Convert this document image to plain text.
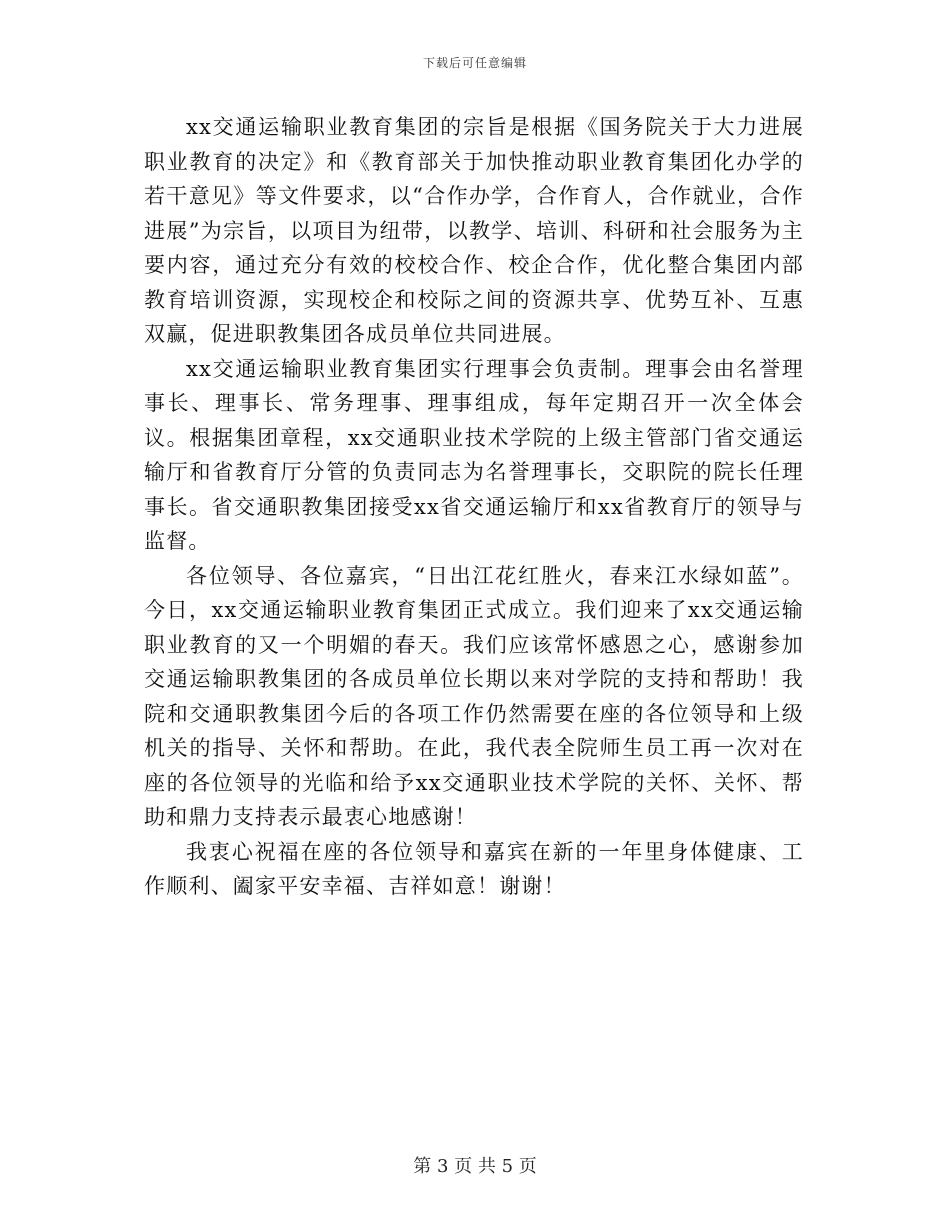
下载后可任意编辑

xx交通运输职业教育集团的宗旨是根据《国务院关于大力进展职业教育的决定》和《教育部关于加快推动职业教育集团化办学的若干意见》等文件要求，以“合作办学，合作育人，合作就业，合作进展”为宗旨，以项目为纽带，以教学、培训、科研和社会服务为主要内容，通过充分有效的校校合作、校企合作，优化整合集团内部教育培训资源，实现校企和校际之间的资源共享、优势互补、互惠双赢，促进职教集团各成员单位共同进展。

xx交通运输职业教育集团实行理事会负责制。理事会由名誉理事长、理事长、常务理事、理事组成，每年定期召开一次全体会议。根据集团章程，xx交通职业技术学院的上级主管部门省交通运输厅和省教育厅分管的负责同志为名誉理事长，交职院的院长任理事长。省交通职教集团接受xx省交通运输厅和xx省教育厅的领导与监督。

各位领导、各位嘉宾，“日出江花红胜火，春来江水绿如蓝”。今日，xx交通运输职业教育集团正式成立。我们迎来了xx交通运输职业教育的又一个明媚的春天。我们应该常怀感恩之心，感谢参加交通运输职教集团的各成员单位长期以来对学院的支持和帮助！我院和交通职教集团今后的各项工作仍然需要在座的各位领导和上级机关的指导、关怀和帮助。在此，我代表全院师生员工再一次对在座的各位领导的光临和给予xx交通职业技术学院的关怀、关怀、帮助和鼎力支持表示最衷心地感谢！

我衷心祝福在座的各位领导和嘉宾在新的一年里身体健康、工作顺利、阖家平安幸福、吉祥如意！谢谢！

第 3 页 共 5 页
